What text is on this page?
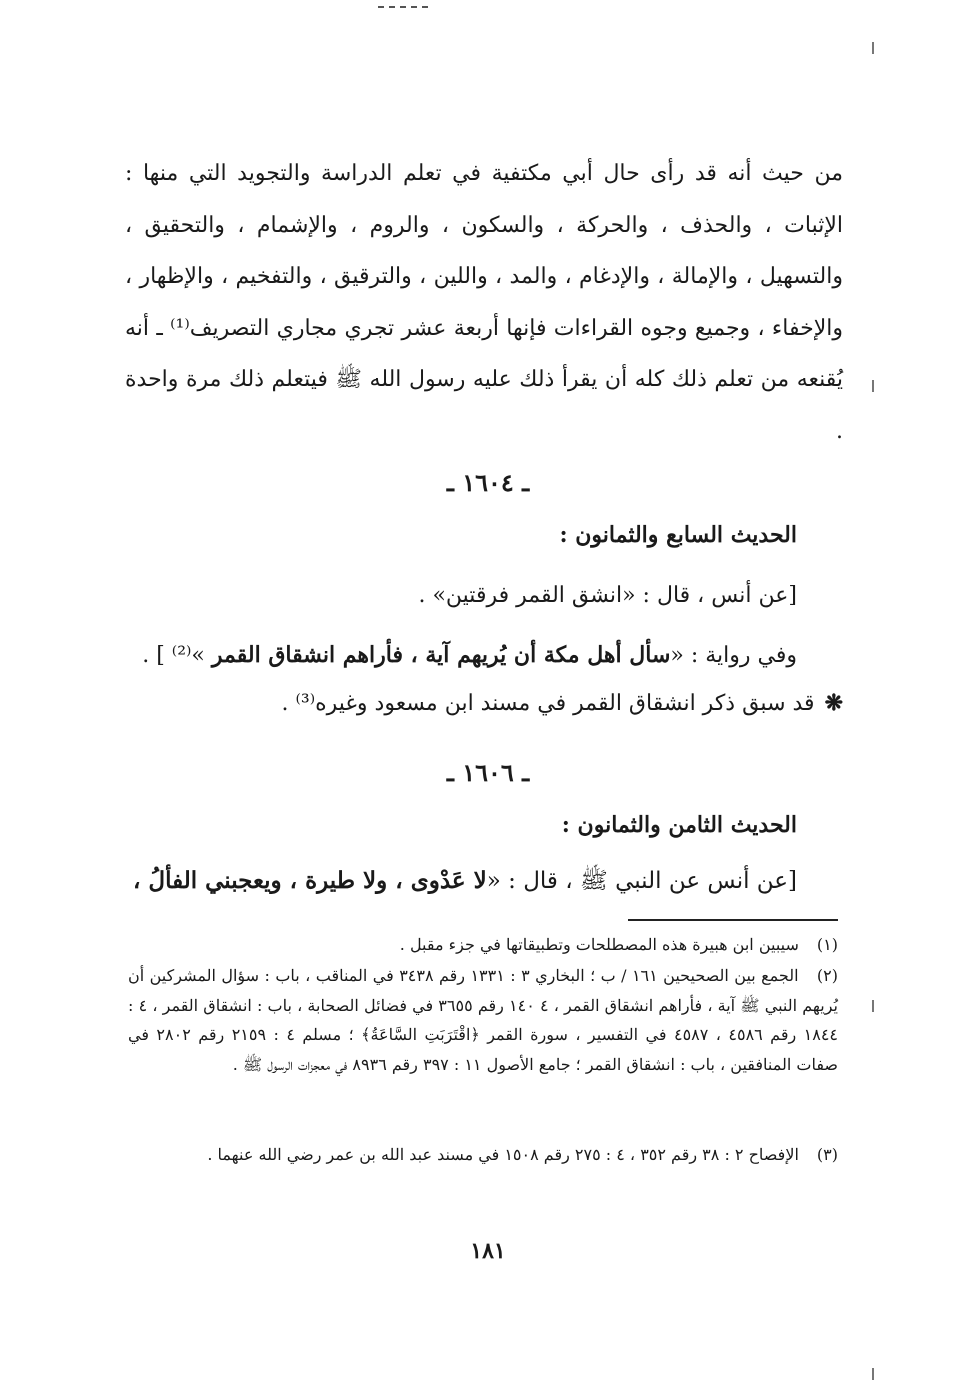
من حيث أنه قد رأى حال أبي مكتفية في تعلم الدراسة والتجويد التي منها : الإثبات ، والحذف ، والحركة ، والسكون ، والروم ، والإشمام ، والتحقيق ، والتسهيل ، والإمالة ، والإدغام ، والمد ، واللين ، والترقيق ، والتفخيم ، والإظهار ، والإخفاء ، وجميع وجوه القراءات فإنها أربعة عشر تجري مجاري التصريف⁽¹⁾ ـ أنه يُقنعه من تعلم ذلك كله أن يقرأ ذلك عليه رسول الله ﷺ فيتعلم ذلك مرة واحدة .

ـ ١٦٠٤ ـ
الحديث السابع والثمانون :
[عن أنس ، قال : «انشق القمر فرقتين» .
وفي رواية : «سأل أهل مكة أن يُريهم آية ، فأراهم انشقاق القمر »⁽²⁾ ] .
❋قد سبق ذكر انشقاق القمر في مسند ابن مسعود وغيره⁽³⁾ .
ـ ١٦٠٦ ـ
الحديث الثامن والثمانون :
[عن أنس عن النبي ﷺ ، قال : «لا عَدْوى ، ولا طيرة ، ويعجبني الفألُ ،
(١) سيبين ابن هبيرة هذه المصطلحات وتطبيقاتها في جزء مقبل .
(٢) الجمع بين الصحيحين ١٦١ / ب ؛ البخاري ٣ : ١٣٣١ رقم ٣٤٣٨ في المناقب ، باب : سؤال المشركين أن يُريهم النبي ﷺ آية ، فأراهم انشقاق القمر ، ٤ ١٤٠ رقم ٣٦٥٥ في فضائل الصحابة ، باب : انشقاق القمر ، ٤ : ١٨٤٤ رقم ٤٥٨٦ ، ٤٥٨٧ في التفسير ، سورة القمر ﴿اقْتَرَبَتِ السَّاعَةُ﴾ ؛ مسلم ٤ : ٢١٥٩ رقم ٢٨٠٢ في صفات المنافقين ، باب : انشقاق القمر ؛ جامع الأصول ١١ : ٣٩٧ رقم ٨٩٣٦ في معجزات الرسول ﷺ .
(٣) الإفصاح ٢ : ٣٨ رقم ٣٥٢ ، ٤ : ٢٧٥ رقم ١٥٠٨ في مسند عبد الله بن عمر رضي الله عنهما .
١٨١
